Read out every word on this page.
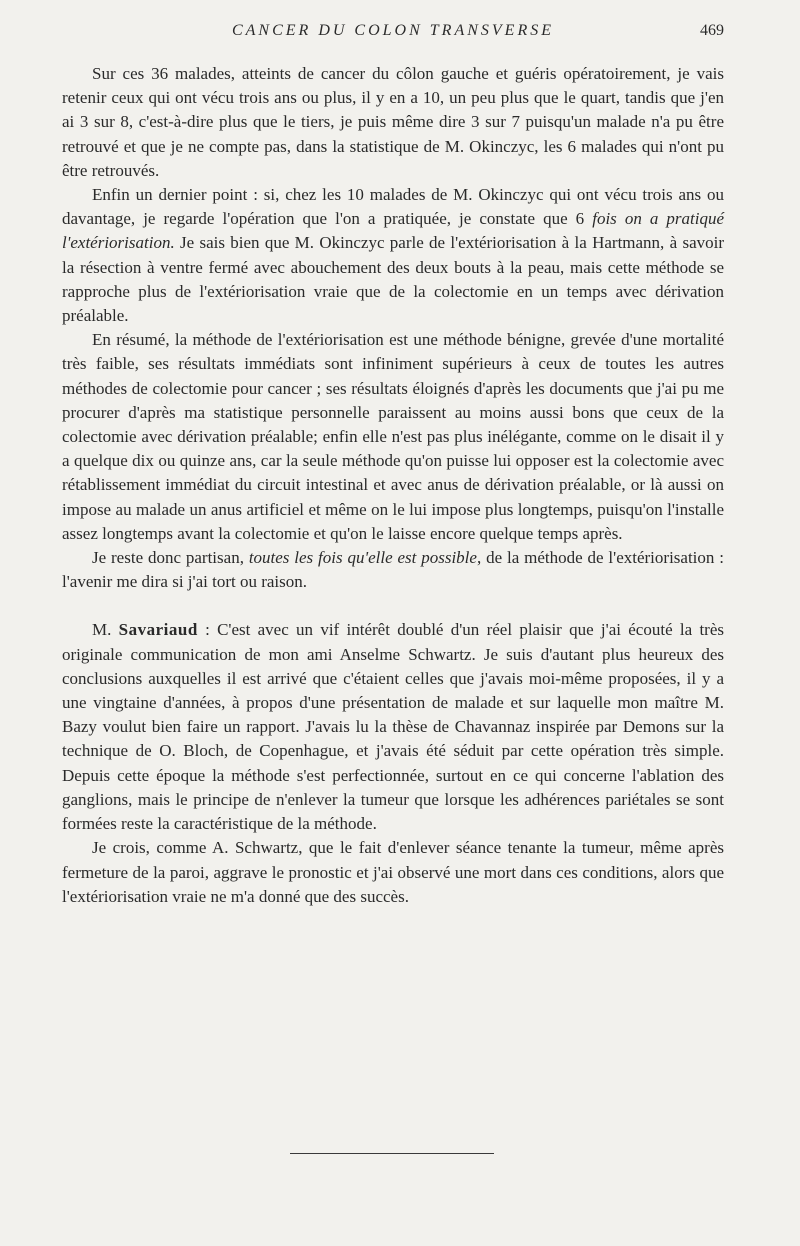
CANCER DU COLON TRANSVERSE	469

Sur ces 36 malades, atteints de cancer du côlon gauche et guéris opératoirement, je vais retenir ceux qui ont vécu trois ans ou plus, il y en a 10, un peu plus que le quart, tandis que j'en ai 3 sur 8, c'est-à-dire plus que le tiers, je puis même dire 3 sur 7 puisqu'un malade n'a pu être retrouvé et que je ne compte pas, dans la statistique de M. Okinczyc, les 6 malades qui n'ont pu être retrouvés.

Enfin un dernier point : si, chez les 10 malades de M. Okinczyc qui ont vécu trois ans ou davantage, je regarde l'opération que l'on a pratiquée, je constate que 6 fois on a pratiqué l'extériorisation. Je sais bien que M. Okinczyc parle de l'extériorisation à la Hartmann, à savoir la résection à ventre fermé avec abouchement des deux bouts à la peau, mais cette méthode se rapproche plus de l'extériorisation vraie que de la colectomie en un temps avec dérivation préalable.

En résumé, la méthode de l'extériorisation est une méthode bénigne, grevée d'une mortalité très faible, ses résultats immédiats sont infiniment supérieurs à ceux de toutes les autres méthodes de colectomie pour cancer ; ses résultats éloignés d'après les documents que j'ai pu me procurer d'après ma statistique personnelle paraissent au moins aussi bons que ceux de la colectomie avec dérivation préalable; enfin elle n'est pas plus inélégante, comme on le disait il y a quelque dix ou quinze ans, car la seule méthode qu'on puisse lui opposer est la colectomie avec rétablissement immédiat du circuit intestinal et avec anus de dérivation préalable, or là aussi on impose au malade un anus artificiel et même on le lui impose plus longtemps, puisqu'on l'installe assez longtemps avant la colectomie et qu'on le laisse encore quelque temps après.

Je reste donc partisan, toutes les fois qu'elle est possible, de la méthode de l'extériorisation : l'avenir me dira si j'ai tort ou raison.

M. Savariaud : C'est avec un vif intérêt doublé d'un réel plaisir que j'ai écouté la très originale communication de mon ami Anselme Schwartz. Je suis d'autant plus heureux des conclusions auxquelles il est arrivé que c'étaient celles que j'avais moi-même proposées, il y a une vingtaine d'années, à propos d'une présentation de malade et sur laquelle mon maître M. Bazy voulut bien faire un rapport. J'avais lu la thèse de Chavannaz inspirée par Demons sur la technique de O. Bloch, de Copenhague, et j'avais été séduit par cette opération très simple. Depuis cette époque la méthode s'est perfectionnée, surtout en ce qui concerne l'ablation des ganglions, mais le principe de n'enlever la tumeur que lorsque les adhérences pariétales se sont formées reste la caractéristique de la méthode.

Je crois, comme A. Schwartz, que le fait d'enlever séance tenante la tumeur, même après fermeture de la paroi, aggrave le pronostic et j'ai observé une mort dans ces conditions, alors que l'extériorisation vraie ne m'a donné que des succès.
